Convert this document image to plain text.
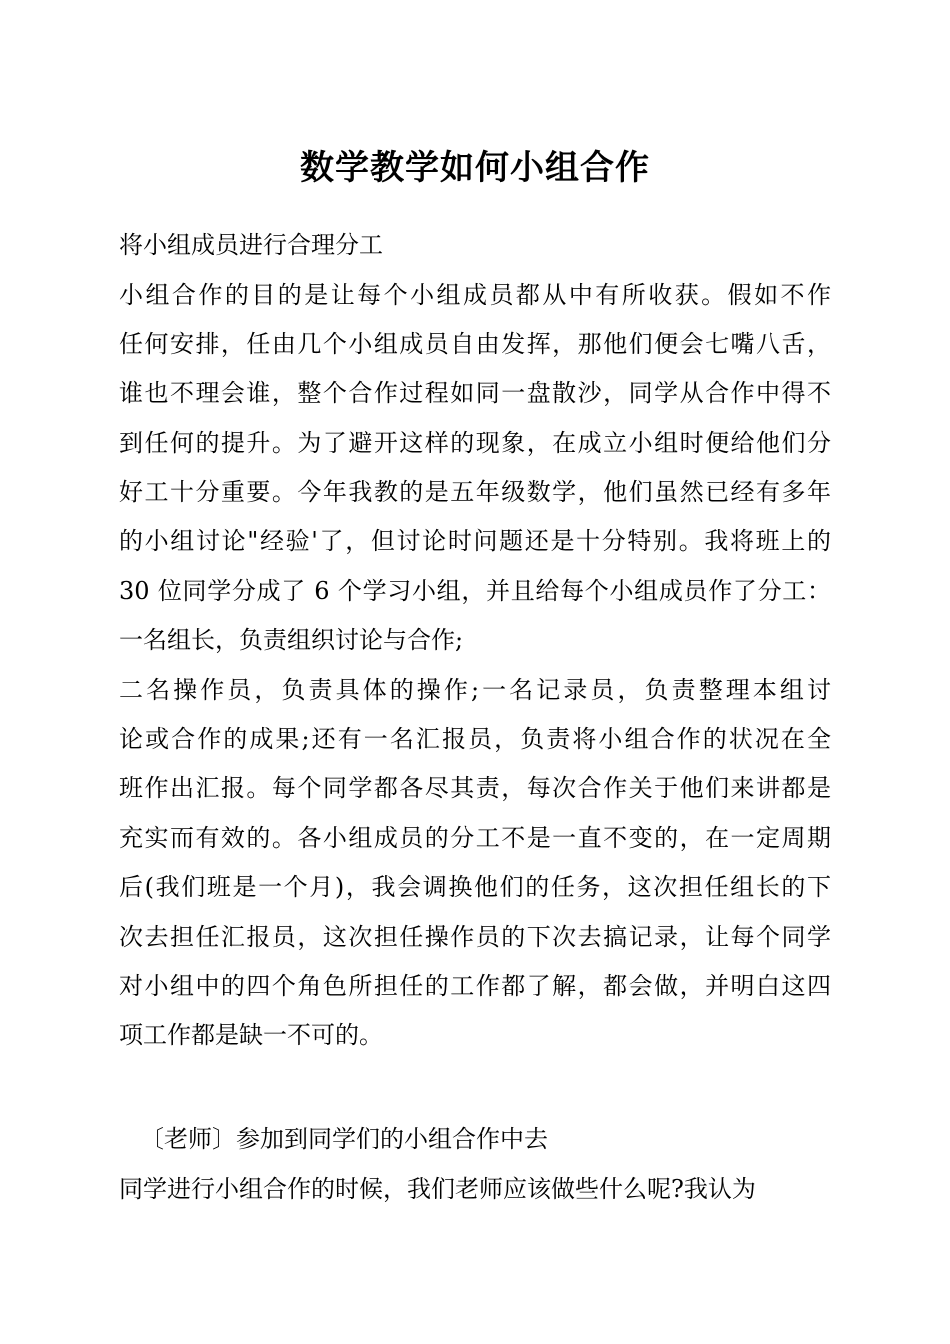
数学教学如何小组合作
将小组成员进行合理分工
小组合作的目的是让每个小组成员都从中有所收获。假如不作
任何安排，任由几个小组成员自由发挥，那他们便会七嘴八舌，
谁也不理会谁，整个合作过程如同一盘散沙，同学从合作中得不
到任何的提升。为了避开这样的现象，在成立小组时便给他们分
好工十分重要。今年我教的是五年级数学，他们虽然已经有多年
的小组讨论"经验'了，但讨论时问题还是十分特别。我将班上的
30 位同学分成了 6 个学习小组，并且给每个小组成员作了分工：
一名组长，负责组织讨论与合作;
二名操作员，负责具体的操作;一名记录员，负责整理本组讨
论或合作的成果;还有一名汇报员，负责将小组合作的状况在全
班作出汇报。每个同学都各尽其责，每次合作关于他们来讲都是
充实而有效的。各小组成员的分工不是一直不变的，在一定周期
后(我们班是一个月)，我会调换他们的任务，这次担任组长的下
次去担任汇报员，这次担任操作员的下次去搞记录，让每个同学
对小组中的四个角色所担任的工作都了解，都会做，并明白这四
项工作都是缺一不可的。
〔老师〕参加到同学们的小组合作中去
同学进行小组合作的时候，我们老师应该做些什么呢?我认为
